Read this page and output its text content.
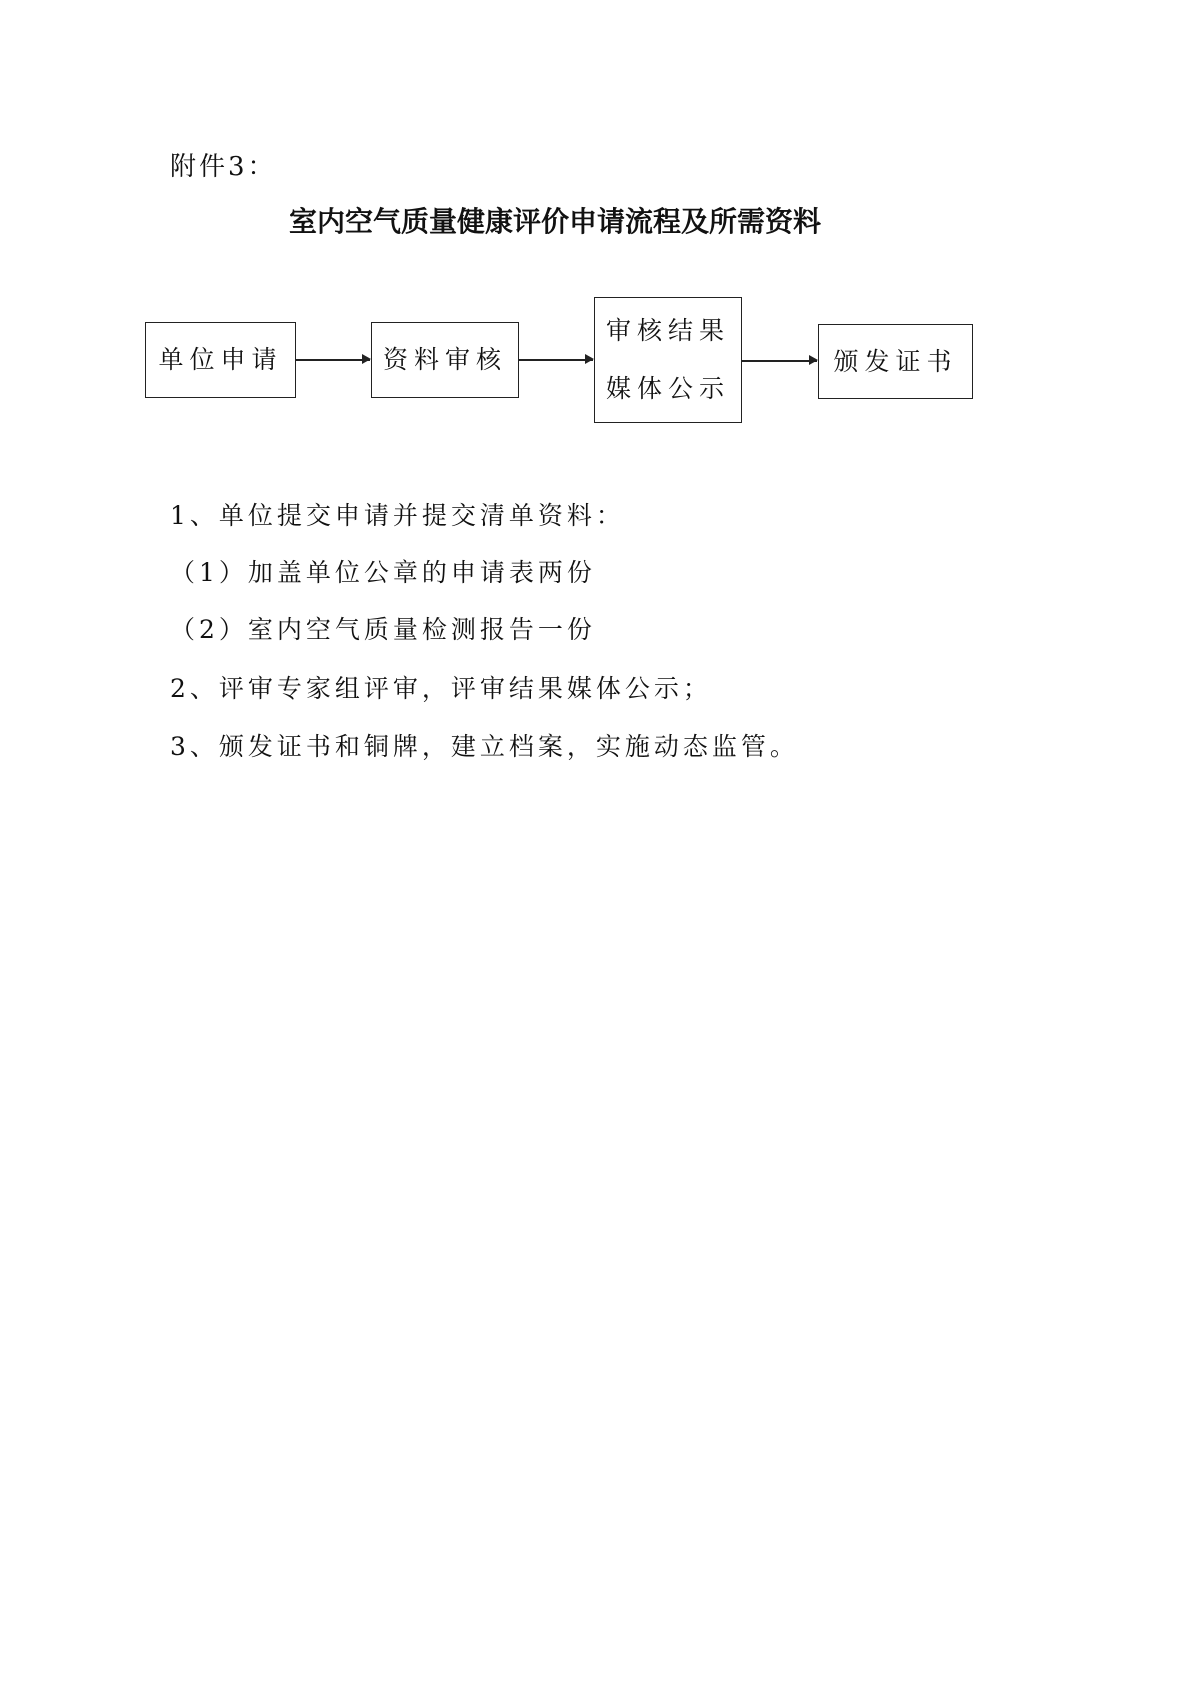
附件3：
室内空气质量健康评价申请流程及所需资料
单位申请	资料审核
审核结果
媒体公示
颁发证书
1、单位提交申请并提交清单资料：
（1）加盖单位公章的申请表两份
（2）室内空气质量检测报告一份
2、评审专家组评审，评审结果媒体公示；
3、颁发证书和铜牌，建立档案，实施动态监管。
